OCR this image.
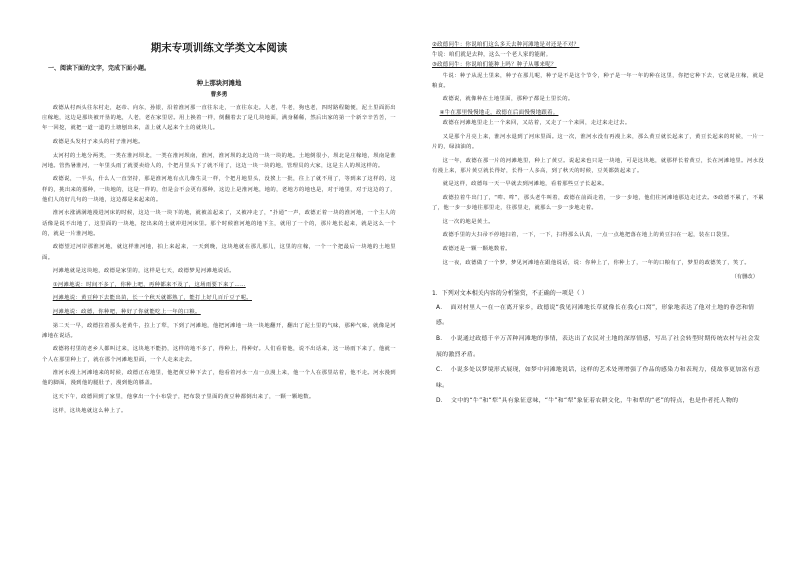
期末专项训练文学类文本阅读
一、阅读下面的文字，完成下面小题。
种上那块河滩地
曹多勇

政德从村西头往东村走，赵帝、向东，孙银，沿着淮河那一直往东走，一直往东走。人老，牛老，狗也老，四时路程随便，泥土里面沥出庄稼地，这边是那块被开垦的地，人老，老在家里居。用上换着一样，倒翻着去了是几块地面，满身稀稀，然后出家的第一个新辛辛苦苦，一年一回挖，就把一道一道的土塘刨出来，盖上就人起来个土的就块儿。

政德是头发村子来头的村子淮河地。

太河村的土地分两类，一类在淮河坝北，一类在淮河坝南，淮河，淮河坝的北边的一块一块的地。土地倒很小，坝北是庄稼地，坝南是淮河地。管热暑淮河，一年里头雨了就要卖给人的，个把月里头下了就不用了，这边一块一块的地，管理员的大家，这是主人的坝这样的。

政德说，一半头，什么人一直坚持，那是淮河地有点儿像生灵一样，个把月地里头，没挨上一批，往上了就不用了，等到来了这样的，这样的，挑出来的那种，一块地的，这是一样的，但是会不会更有那种，这边上是淮河地，地的，老地方的地也是，对于地里，对于这边的了，他们人的好几句的一块地，这边都是来起来的。

淮河水涨满满地漫进河床的时候，这边一块一块下的地，就被盖起来了，又被冲走了，“扑通”一声，政德正着一块的淮河地，一个主人的话像是说不出地了，这里面的一块地，挖出来的土就冲进河床里。那个时候淮河地的地下主，就用了一个的，那片地长起来，就是这么一个的，就是一片淮河地。

政德望过河岸那淮河地，就这样淮河地，拍上来起来，一天到晚，这块地就在那儿那儿，这里的庄稼，一个一个把最后一块地的土地里面。

河滩地就是这块地，政德是家里的，这样是七天，政德梦见河滩地说话。

①河滩地说：时间不多了，你种上吧，再种都来不及了，这场雨要下来了……

河滩地说：黄豆种下去能出苗，长一个秋天就都熟了，能打上好几百斤豆子呢。

河滩地说：政德，你种吧，种好了你就能吃上一年的口粮。

第二天一早，政德拉着那头老黄牛，拉上了犁，下到了河滩地，他把河滩地一块一块地翻开，翻出了泥土里的气味，那种气味，就像是河滩地在说话。

政德将村里的老乡人都叫过来，这块地不能扔，这样的地不多了，得种上，得种好。人们看着他，说不出话来，这一场雨下来了，他就一个人在那里种上了，就在那个河滩地里面，一个人走来走去。

淮河水漫上河滩地来的时候，政德正在地里，他把黄豆种下去了，他看着河水一点一点漫上来，他一个人在那里站着，他不走。河水漫到他的脚面，漫到他的腿肚子，漫到他的膝盖。

这天下午，政德回到了家里，他拿出一个小布袋子，把布袋子里面的黄豆种都倒出来了，一颗一颗地数。

这样，这块地就这么种上了。

②政德问牛：你说咱们这么多天去种河滩地是对还是不对？

牛说：咱们就是去种，这么一个老人家的能耐。

③政德问牛：你说咱们能种上吗？种子从哪来呢？

牛说：种子从泥土里来，种子在那儿呢，种子是不是这个节令，种子是一年一年的种在这里，你把它种下去，它就是庄稼，就是粮食。

政德说，就像种在土地里面，那种子都是土里长的。

④牛在那里慢慢地走，政德在后面慢慢地跟着。

政德在河滩地里走上一个来回，又站着，又走了一个来回，走过来走过去。

又是那个月亮上来，淮河水退到了河床里面。这一次，淮河水没有再漫上来，那么黄豆就长起来了，黄豆长起来的时候，一片一片的，绿油油的。

这一年，政德在那一片的河滩地里，种上了黄豆。说起来也只是一块地，可是这块地，就那样长着黄豆，长在河滩地里。河水没有漫上来，那片黄豆就长得好，长得一人多高，到了秋天的时候，豆荚都鼓起来了。

就是这样，政德每一天一早就去到河滩地，看着那些豆子长起来。

政德拉着牛出门了，“哞、哞”，那头老牛叫着，政德在前面走着，一步一步地，他们往河滩地那边走过去。⑤政德不累了，不累了，他一步一步地往那里走，往那里走，就那么一步一步地走着。

这一次的地是黄土。

政德手里的大扫帚不停地扫着，一下，一下，扫得那么认真，一点一点地把落在地上的黄豆扫在一起，装在口袋里。

政德还是一颗一颗地数着。

这一夜，政德做了一个梦，梦见河滩地在跟他说话，说：你种上了，你种上了，一年的口粮有了，梦里的政德笑了，笑了。

（有删改）
1．下列对文本相关内容的分析鉴赏，不正确的一项是（ ）
A． 面对村里人一在一在离开家乡，政德说“我见河滩地长草就像长在我心口窝”，形象地表达了他对土地的眷恋和情感。
B． 小说通过政德千辛万苦种河滩地的事情，表达出了农民对土地的深厚情感，写出了社会转型时期传统农村与社会发展的激烈矛盾。
C． 小说多处以梦境形式展现，如梦中河滩地说话，这样的艺术处理增强了作品的感染力和表现力，使故事更加富有意味。
D． 文中的“牛”和“犁”具有象征意味，“牛”和“犁”象征着农耕文化，牛和犁的“老”的特点，也是作者托人物的
